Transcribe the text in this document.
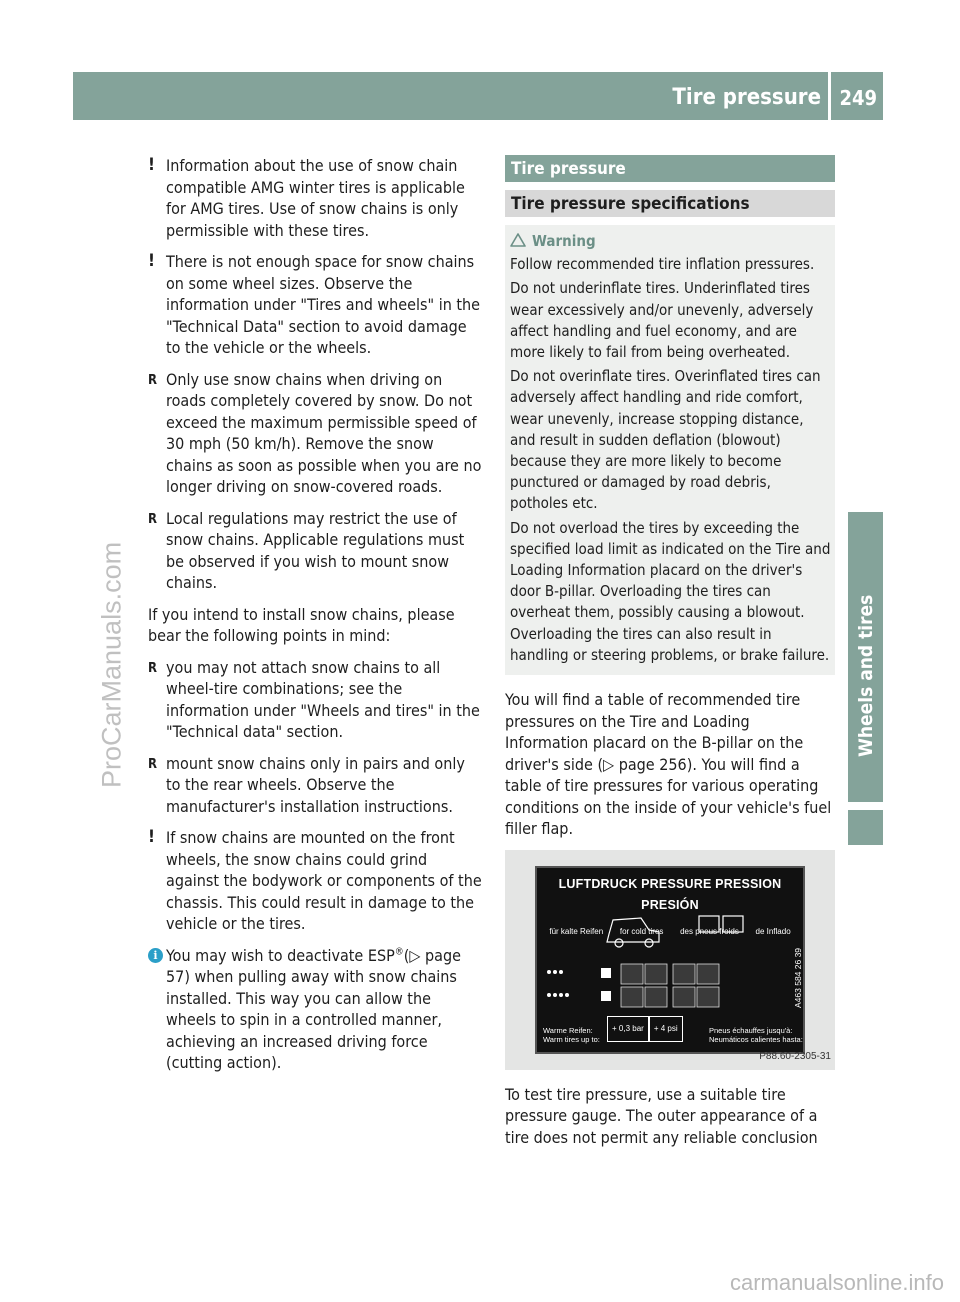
Tire pressure 249
Wheels and tires
ProCarManuals.com
carmanualsonline.info
! Information about the use of snow chain compatible AMG winter tires is applicable for AMG tires. Use of snow chains is only permissible with these tires.
! There is not enough space for snow chains on some wheel sizes. Observe the information under "Tires and wheels" in the "Technical Data" section to avoid damage to the vehicle or the wheels.
R Only use snow chains when driving on roads completely covered by snow. Do not exceed the maximum permissible speed of 30 mph (50 km/h). Remove the snow chains as soon as possible when you are no longer driving on snow-covered roads.
R Local regulations may restrict the use of snow chains. Applicable regulations must be observed if you wish to mount snow chains.
If you intend to install snow chains, please bear the following points in mind:
R you may not attach snow chains to all wheel-tire combinations; see the information under "Wheels and tires" in the "Technical data" section.
R mount snow chains only in pairs and only to the rear wheels. Observe the manufacturer's installation instructions.
! If snow chains are mounted on the front wheels, the snow chains could grind against the bodywork or components of the chassis. This could result in damage to the vehicle or the tires.
i You may wish to deactivate ESP®(▷ page 57) when pulling away with snow chains installed. This way you can allow the wheels to spin in a controlled manner, achieving an increased driving force (cutting action).
Tire pressure
Tire pressure specifications
Warning

Follow recommended tire inflation pressures.

Do not underinflate tires. Underinflated tires wear excessively and/or unevenly, adversely affect handling and fuel economy, and are more likely to fail from being overheated.

Do not overinflate tires. Overinflated tires can adversely affect handling and ride comfort, wear unevenly, increase stopping distance, and result in sudden deflation (blowout) because they are more likely to become punctured or damaged by road debris, potholes etc.

Do not overload the tires by exceeding the specified load limit as indicated on the Tire and Loading Information placard on the driver's door B-pillar. Overloading the tires can overheat them, possibly causing a blowout. Overloading the tires can also result in handling or steering problems, or brake failure.

You will find a table of recommended tire pressures on the Tire and Loading Information placard on the B-pillar on the driver's side (▷ page 256). You will find a table of tire pressures for various operating conditions on the inside of your vehicle's fuel filler flap.
LUFTDRUCK PRESSURE PRESSION PRESIÓN
für kalte Reifen for cold tires des pneus froids de Inflado
A463 584 26 39
Warme Reifen:
Warm tires up to:
+ 0,3 bar	+ 4 psi	Pneus échauffes jusqu'à:
Neumáticos calientes hasta:
P88.60-2305-31
To test tire pressure, use a suitable tire pressure gauge. The outer appearance of a tire does not permit any reliable conclusion
